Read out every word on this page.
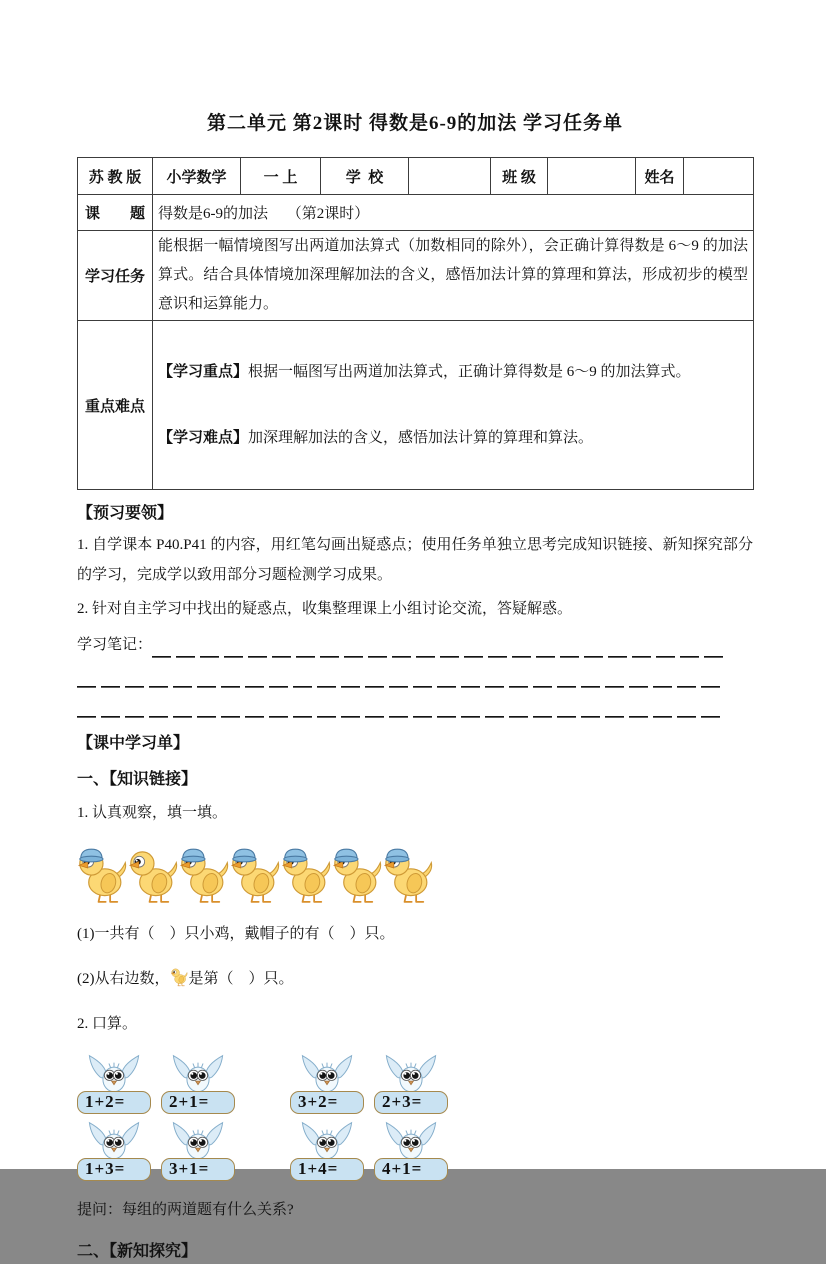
第二单元 第2课时 得数是6-9的加法 学习任务单
苏 教 版	小学数学	一 上	学  校		班 级		姓名	
课　　题	得数是6-9的加法　 （第2课时）							
学习任务	能根据一幅情境图写出两道加法算式（加数相同的除外），会正确计算得数是 6～9 的加法算式。结合具体情境加深理解加法的含义，感悟加法计算的算理和算法，形成初步的模型意识和运算能力。							
重点难点	【学习重点】根据一幅图写出两道加法算式，正确计算得数是 6～9 的加法算式。

【学习难点】加深理解加法的含义，感悟加法计算的算理和算法。							

【预习要领】

1. 自学课本 P40.P41 的内容，用红笔勾画出疑惑点；使用任务单独立思考完成知识链接、新知探究部分的学习，完成学以致用部分习题检测学习成果。

2. 针对自主学习中找出的疑惑点，收集整理课上小组讨论交流，答疑解惑。

学习笔记：
【课中学习单】
一、【知识链接】

1. 认真观察，填一填。

(1)一共有（　）只小鸡，戴帽子的有（　）只。

(2)从右边数， 是第（　）只。

2. 口算。

1+2=	2+1=	3+2=	2+3=
1+3=	3+1=	1+4=	4+1=

提问：每组的两道题有什么关系?

二、【新知探究】
